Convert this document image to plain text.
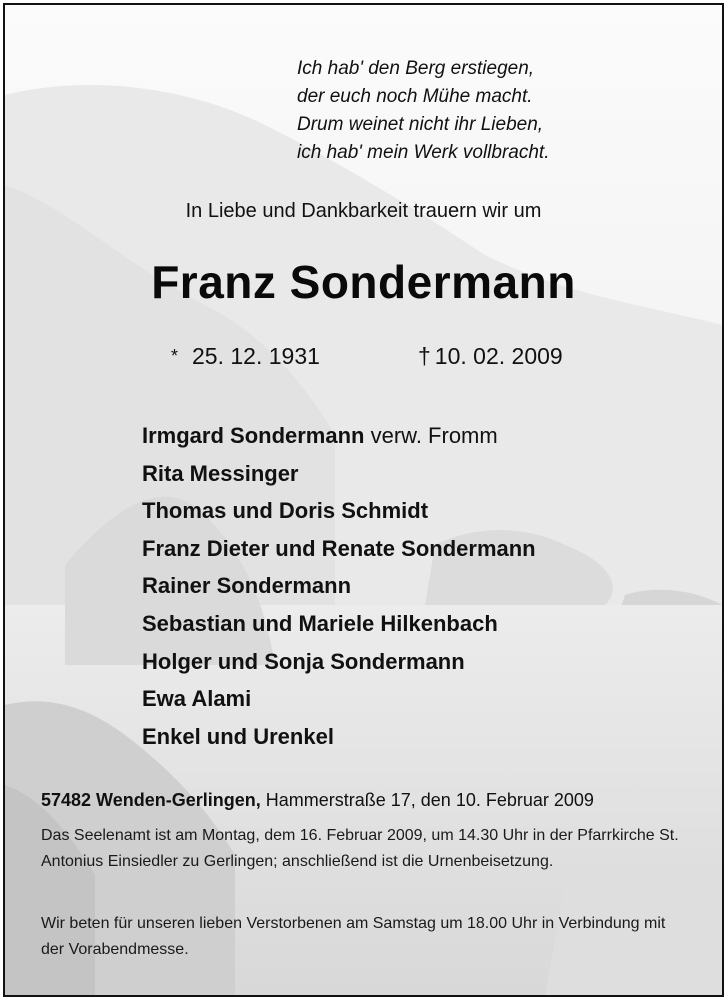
Ich hab' den Berg erstiegen,
der euch noch Mühe macht.
Drum weinet nicht ihr Lieben,
ich hab' mein Werk vollbracht.
In Liebe und Dankbarkeit trauern wir um
Franz Sondermann
* 25. 12. 1931	† 10. 02. 2009
Irmgard Sondermann verw. Fromm
Rita Messinger
Thomas und Doris Schmidt
Franz Dieter und Renate Sondermann
Rainer Sondermann
Sebastian und Mariele Hilkenbach
Holger und Sonja Sondermann
Ewa Alami
Enkel und Urenkel
57482 Wenden-Gerlingen, Hammerstraße 17, den 10. Februar 2009
Das Seelenamt ist am Montag, dem 16. Februar 2009, um 14.30 Uhr in der Pfarrkirche St. Antonius Einsiedler zu Gerlingen; anschließend ist die Urnenbeisetzung.
Wir beten für unseren lieben Verstorbenen am Samstag um 18.00 Uhr in Verbindung mit der Vorabendmesse.
